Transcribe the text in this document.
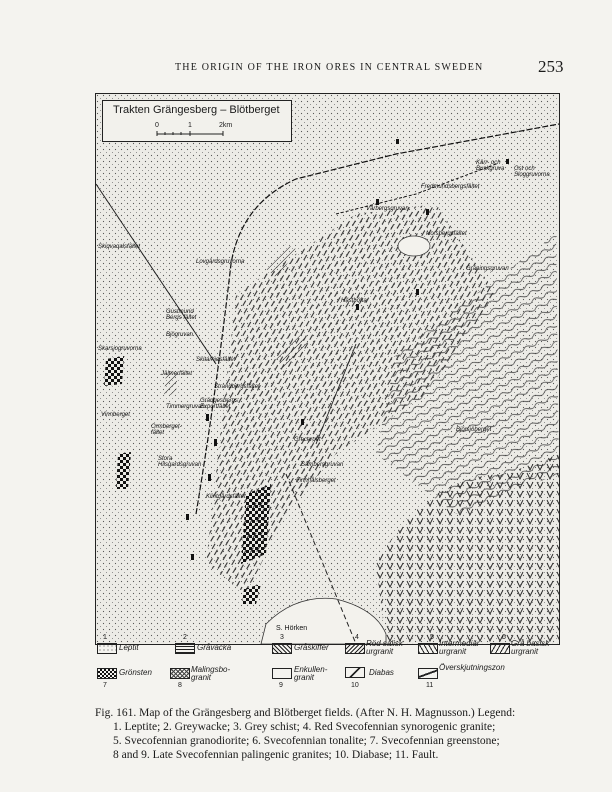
THE ORIGIN OF THE IRON ORES IN CENTRAL SWEDEN	253
Trakten Grängesberg – Blötberget
0	1	2km
Kärr- och Buskgruva	Ost och Sloggruvorna
Fredmundsbergsfältet
Vårbergsgruvan
Norsbergsfältet
Gräningsgruvan
Skiqvaqalsfältet
Lovgärdsgruvorna
Skarsjogruvorna
Hästhöfta
Gustmund Bergs fältet
Skitarhjdsfältet
Bjögruvan
Jälmerfältet
Strandbergsfältet
Grängesbergs Exportfältet
Timmergruvan
Vinnberget
Ormberget-fältet
Stora Hilsgardsgruvan
Klintgårdsfältet
Björsjöberget
Grecerget
Sämbersgruvan
Finnhålsberget
S. Hörken
1
Leptit
2
Gråvacka
3
Gråskiffer
4
Röd salisk urgranit
5
Intermediär urgranit
6
Grå basisk urgranit
Grönsten
7
Malingsbo-granit
8
Enkullen-granit
9
Diabas
10
Överskjutningszon
11
Fig. 161. Map of the Grängesberg and Blötberget fields. (After N. H. Magnusson.) Legend:
1. Leptite; 2. Greywacke; 3. Grey schist; 4. Red Svecofennian synorogenic granite;
5. Svecofennian granodiorite; 6. Svecofennian tonalite; 7. Svecofennian greenstone;
8 and 9. Late Svecofennian palingenic granites; 10. Diabase; 11. Fault.
